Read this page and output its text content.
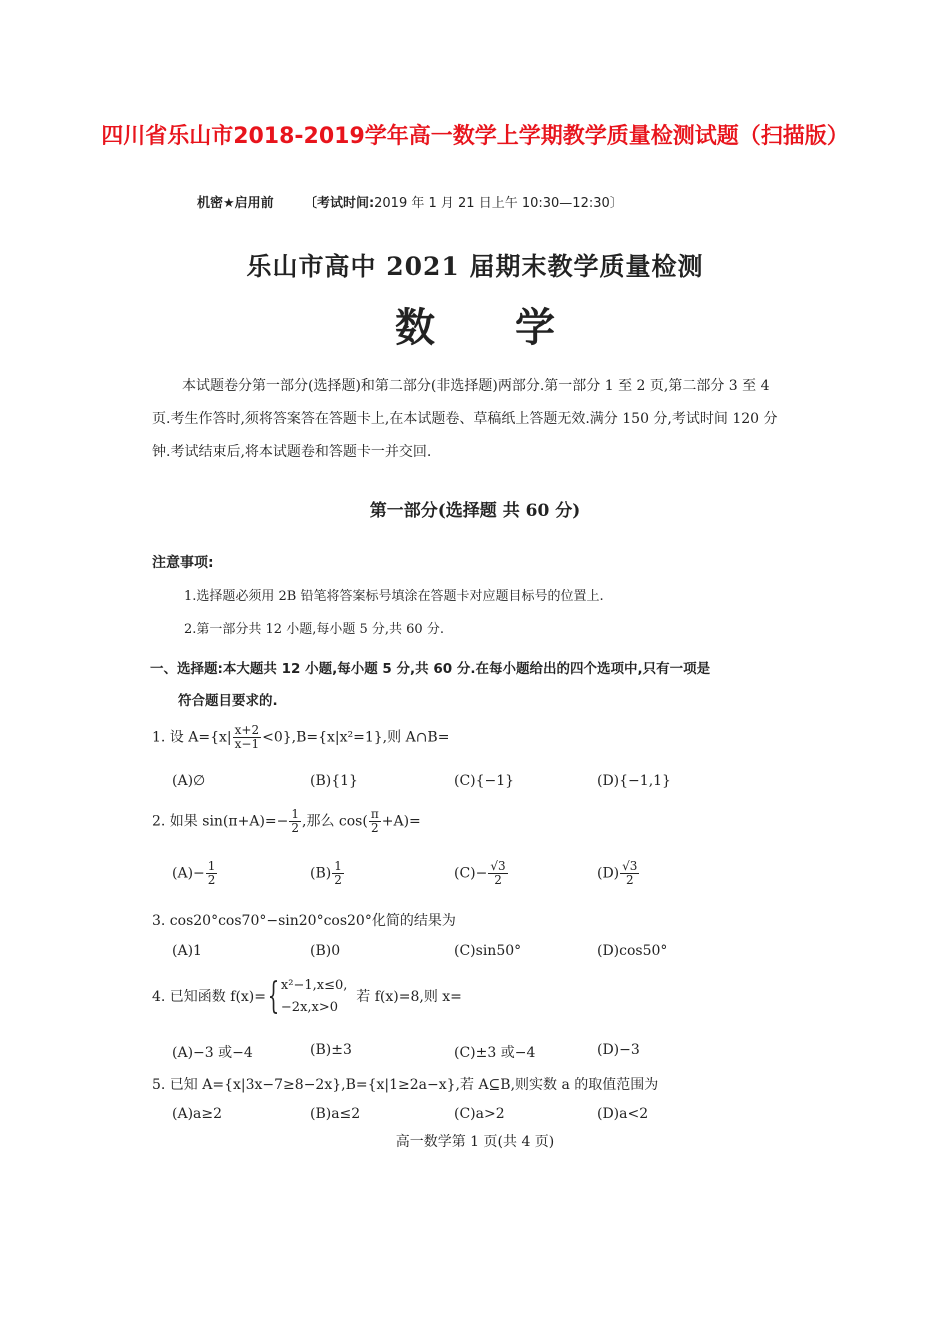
四川省乐山市2018-2019学年高一数学上学期教学质量检测试题（扫描版）
机密★启用前 〔考试时间:2019 年 1 月 21 日上午 10:30—12:30〕
乐山市高中 2021 届期末教学质量检测
数 学
本试题卷分第一部分(选择题)和第二部分(非选择题)两部分.第一部分 1 至 2 页,第二部分 3 至 4 页.考生作答时,须将答案答在答题卡上,在本试题卷、草稿纸上答题无效.满分 150 分,考试时间 120 分钟.考试结束后,将本试题卷和答题卡一并交回.
第一部分(选择题 共 60 分)
注意事项:
1.选择题必须用 2B 铅笔将答案标号填涂在答题卡对应题目标号的位置上.
2.第一部分共 12 小题,每小题 5 分,共 60 分.
一、选择题:本大题共 12 小题,每小题 5 分,共 60 分.在每小题给出的四个选项中,只有一项是
符合题目要求的.
1. 设 $A=\{x| \frac{x+2}{x-1} <0\},B=\{x|x^2=1\}$,则 A∩B=
(A)∅	(B){1}	(C){−1}	(D){−1,1}
2. 如果 $\sin(\pi+A)=- \frac{1}{2}$ ,那么 $\cos( \frac{\pi}{2} +A)=$
$(A)- \frac{1}{2}$	$(B) \frac{1}{2}$	$(C)- \frac{√3}{2}$	$(D) \frac{√3}{2}$
3. cos20°cos70°−sin20°cos20°化简的结果为
(A)1	(B)0	(C)sin50°	(D)cos50°
4. 已知函数 f(x)={ x²−1,x≤0,
−2x,x>0
若 f(x)=8,则 x=
(A)−3 或−4	(B)±3	(C)±3 或−4	(D)−3
5. 已知 A={x|3x−7≥8−2x},B={x|1≥2a−x},若 A⊆B,则实数 a 的取值范围为
(A)a≥2	(B)a≤2	(C)a>2	(D)a<2
高一数学第 1 页(共 4 页)
